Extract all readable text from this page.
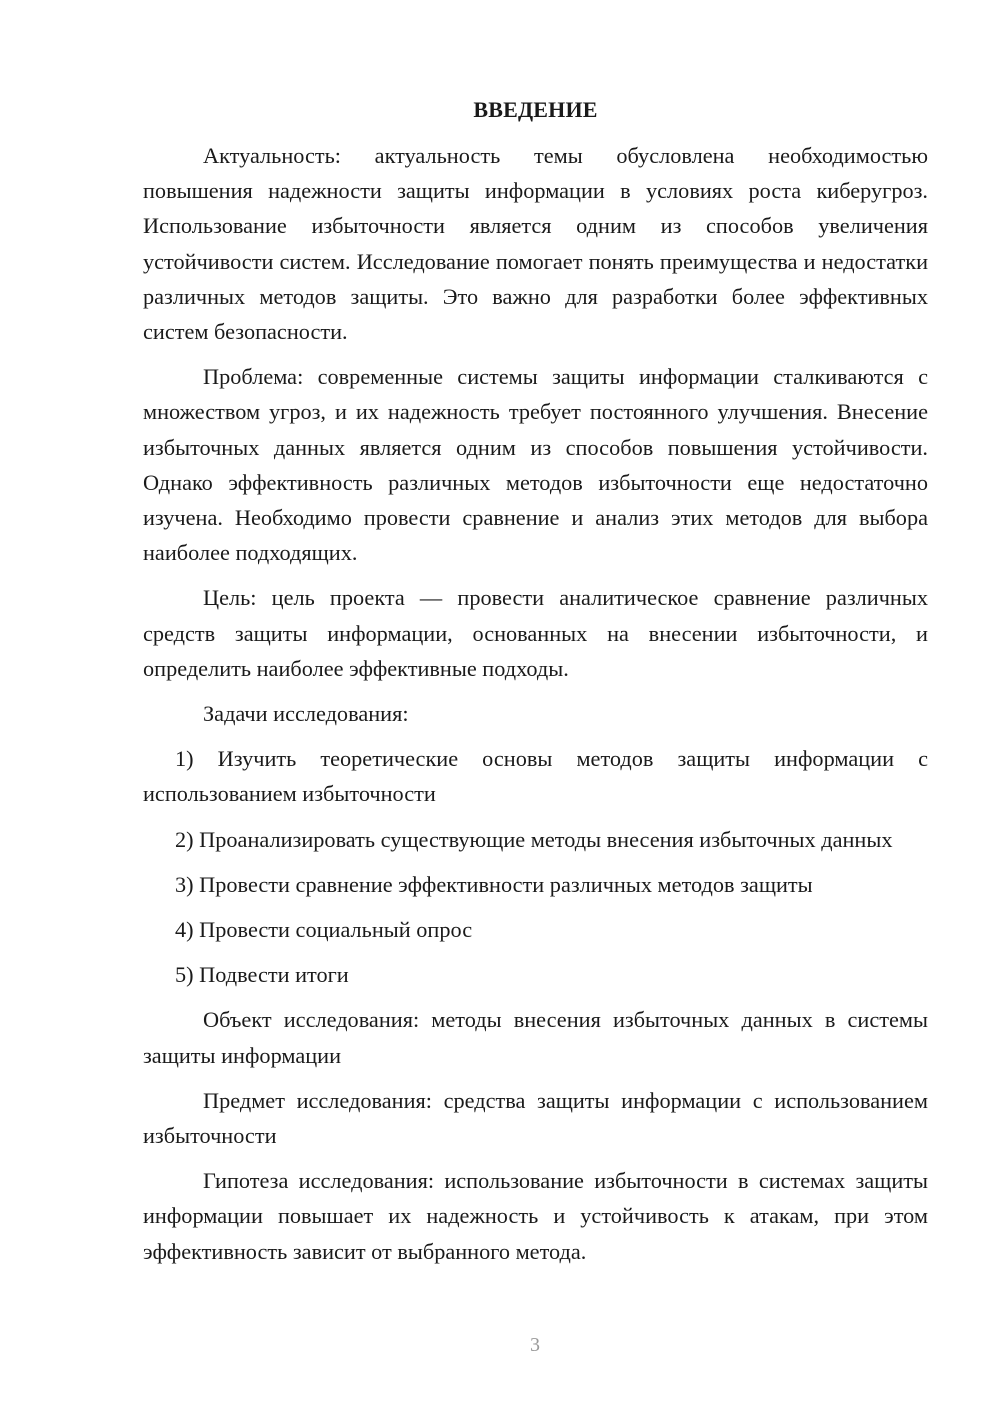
ВВЕДЕНИЕ

Актуальность: актуальность темы обусловлена необходимостью повышения надежности защиты информации в условиях роста киберугроз. Использование избыточности является одним из способов увеличения устойчивости систем. Исследование помогает понять преимущества и недостатки различных методов защиты. Это важно для разработки более эффективных систем безопасности.

Проблема: современные системы защиты информации сталкиваются с множеством угроз, и их надежность требует постоянного улучшения. Внесение избыточных данных является одним из способов повышения устойчивости. Однако эффективность различных методов избыточности еще недостаточно изучена. Необходимо провести сравнение и анализ этих методов для выбора наиболее подходящих.

Цель: цель проекта — провести аналитическое сравнение различных средств защиты информации, основанных на внесении избыточности, и определить наиболее эффективные подходы.

Задачи исследования:

1) Изучить теоретические основы методов защиты информации с использованием избыточности

2) Проанализировать существующие методы внесения избыточных данных

3) Провести сравнение эффективности различных методов защиты

4) Провести социальный опрос

5) Подвести итоги

Объект исследования: методы внесения избыточных данных в системы защиты информации

Предмет исследования: средства защиты информации с использованием избыточности

Гипотеза исследования: использование избыточности в системах защиты информации повышает их надежность и устойчивость к атакам, при этом эффективность зависит от выбранного метода.

3
